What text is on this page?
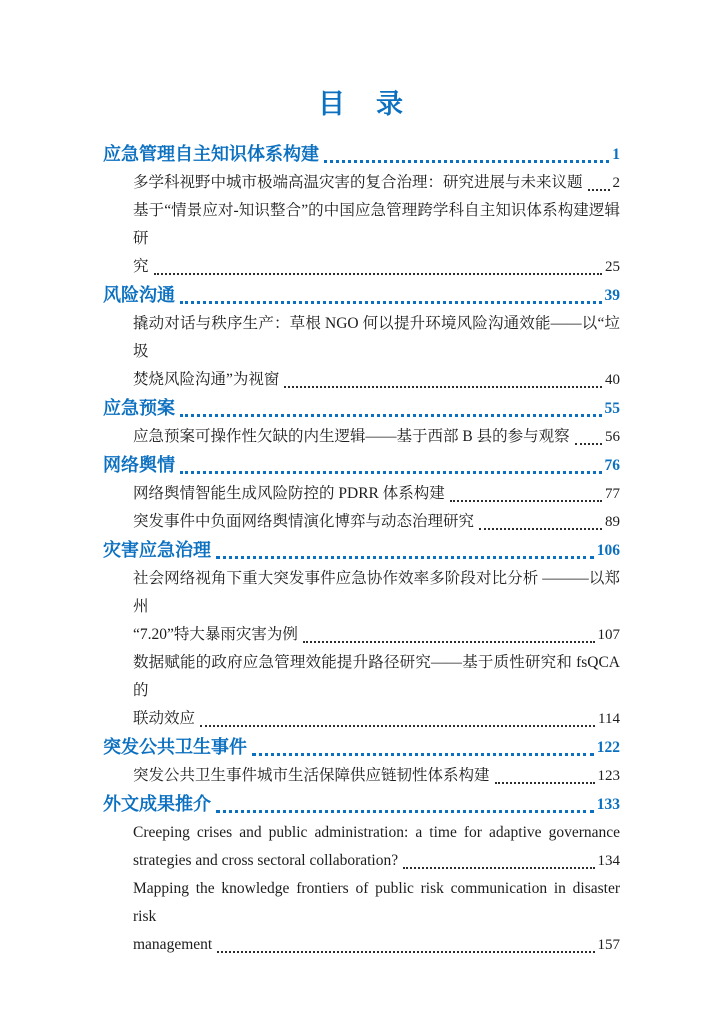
目　录
应急管理自主知识体系构建	1
多学科视野中城市极端高温灾害的复合治理：研究进展与未来议题 2
基于“情景应对-知识整合”的中国应急管理跨学科自主知识体系构建逻辑研
究	25
风险沟通	39
撬动对话与秩序生产：草根 NGO 何以提升环境风险沟通效能——以“垃圾
焚烧风险沟通”为视窗	40
应急预案	55
应急预案可操作性欠缺的内生逻辑——基于西部 B 县的参与观察 56
网络舆情	76
网络舆情智能生成风险防控的 PDRR 体系构建	77
突发事件中负面网络舆情演化博弈与动态治理研究	89
灾害应急治理	106
社会网络视角下重大突发事件应急协作效率多阶段对比分析 ———以郑州
“7.20”特大暴雨灾害为例	107
数据赋能的政府应急管理效能提升路径研究——基于质性研究和 fsQCA 的
联动效应	114
突发公共卫生事件	122
突发公共卫生事件城市生活保障供应链韧性体系构建	123
外文成果推介	133
Creeping crises and public administration: a time for adaptive governance
strategies and cross sectoral collaboration?	134
Mapping the knowledge frontiers of public risk communication in disaster risk
management	157
